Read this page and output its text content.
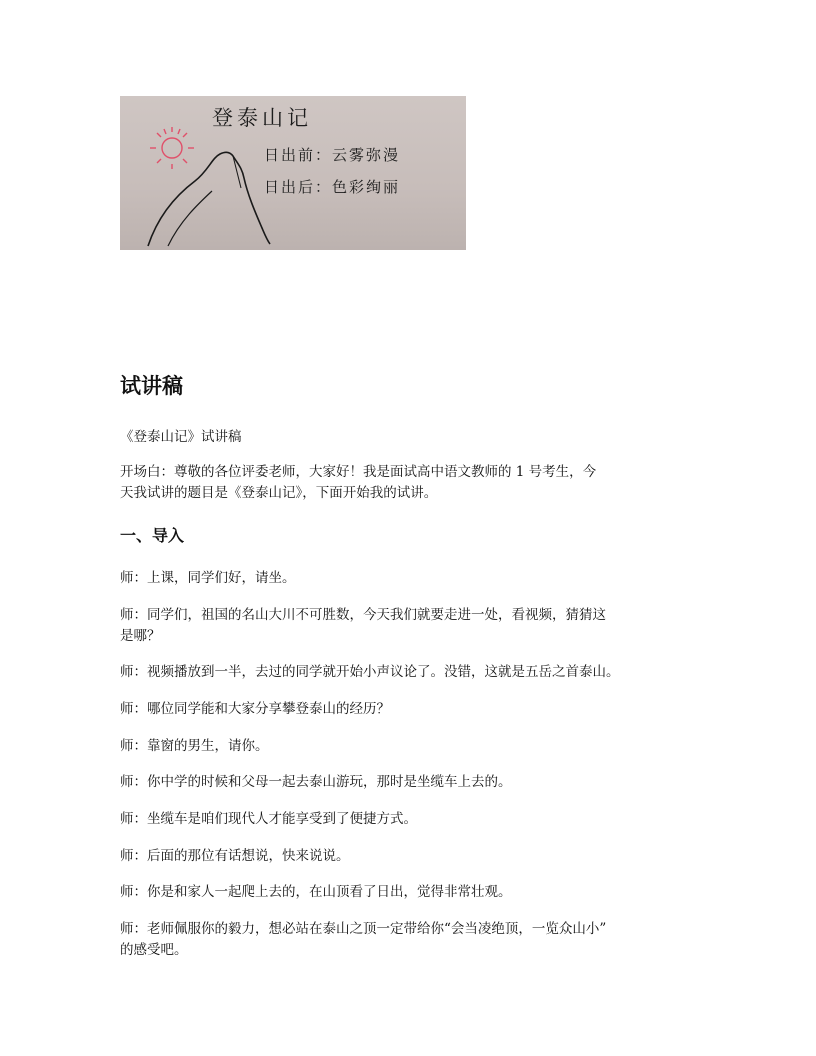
登泰山记
日出前：云雾弥漫
日出后：色彩绚丽
试讲稿

《登泰山记》试讲稿

开场白：尊敬的各位评委老师，大家好！我是面试高中语文教师的 1 号考生，今
天我试讲的题目是《登泰山记》，下面开始我的试讲。

一、导入

师：上课，同学们好，请坐。

师：同学们，祖国的名山大川不可胜数，今天我们就要走进一处，看视频，猜猜这
是哪？

师：视频播放到一半，去过的同学就开始小声议论了。没错，这就是五岳之首泰山。

师：哪位同学能和大家分享攀登泰山的经历？

师：靠窗的男生，请你。

师：你中学的时候和父母一起去泰山游玩，那时是坐缆车上去的。

师：坐缆车是咱们现代人才能享受到了便捷方式。

师：后面的那位有话想说，快来说说。

师：你是和家人一起爬上去的，在山顶看了日出，觉得非常壮观。

师：老师佩服你的毅力，想必站在泰山之顶一定带给你“会当凌绝顶，一览众山小”
的感受吧。
